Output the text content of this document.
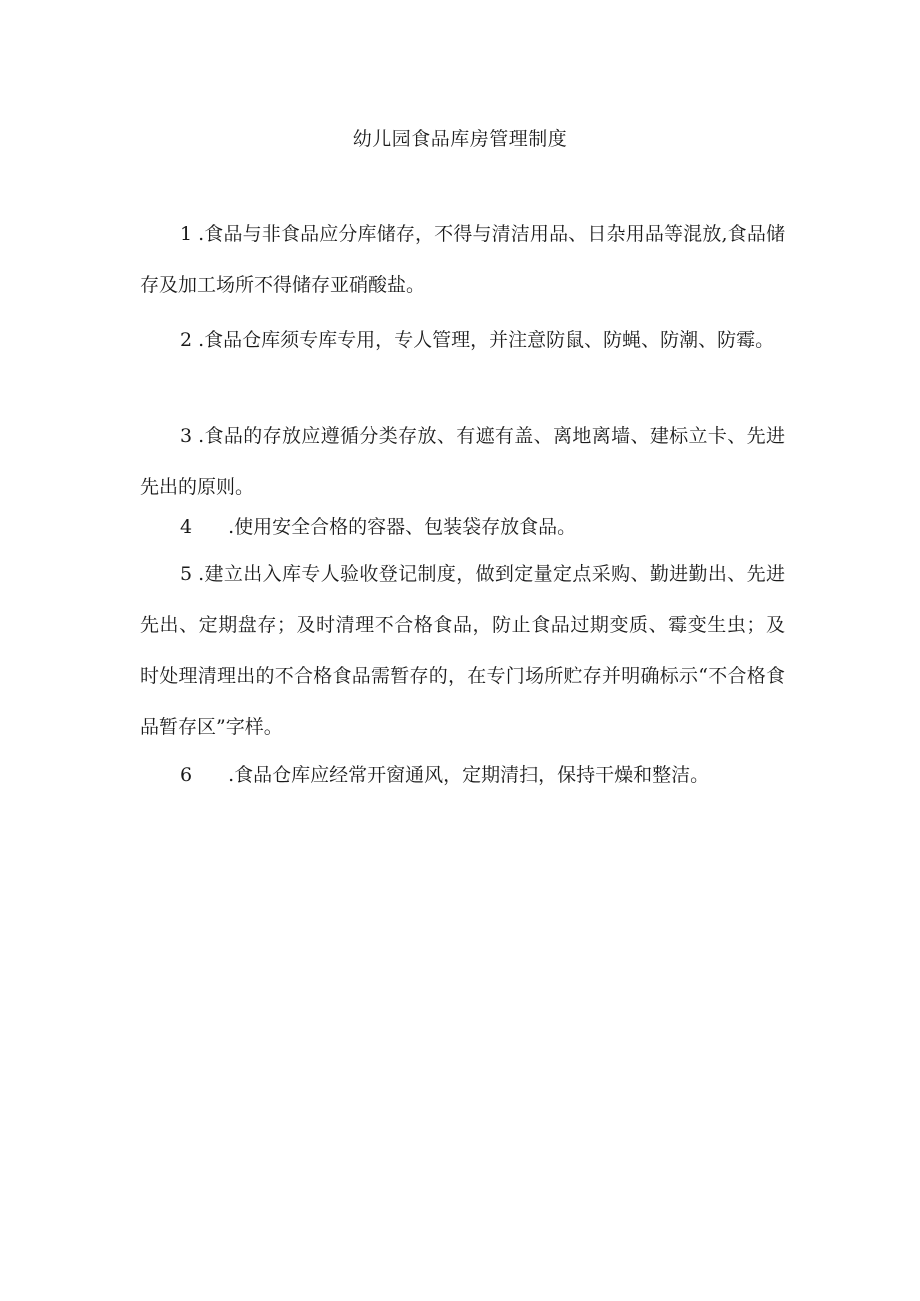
幼儿园食品库房管理制度

1 .食品与非食品应分库储存，不得与清洁用品、日杂用品等混放,食品储存及加工场所不得储存亚硝酸盐。

2 .食品仓库须专库专用，专人管理，并注意防鼠、防蝇、防潮、防霉。

3 .食品的存放应遵循分类存放、有遮有盖、离地离墙、建标立卡、先进先出的原则。

4 .使用安全合格的容器、包装袋存放食品。

5 .建立出入库专人验收登记制度，做到定量定点采购、勤进勤出、先进先出、定期盘存；及时清理不合格食品，防止食品过期变质、霉变生虫；及时处理清理出的不合格食品需暂存的，在专门场所贮存并明确标示“不合格食品暂存区”字样。

6 .食品仓库应经常开窗通风，定期清扫，保持干燥和整洁。
